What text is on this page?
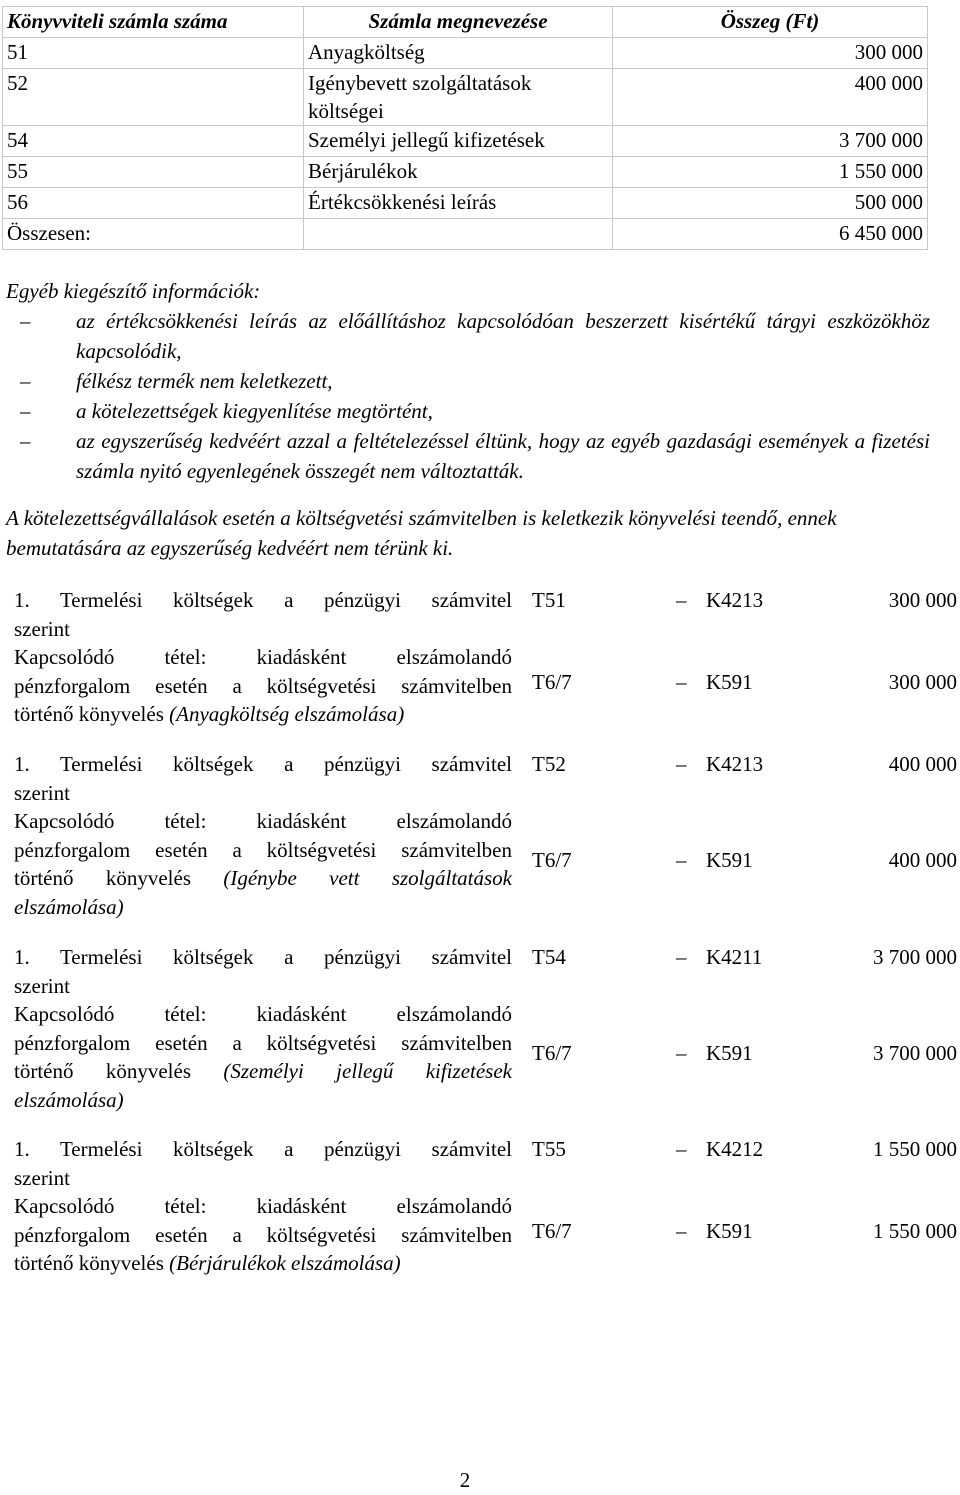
Könyvviteli számla száma	Számla megnevezése	Összeg (Ft)
51	Anyagköltség	300 000
52	Igénybevett szolgáltatások költségei	400 000
54	Személyi jellegű kifizetések	3 700 000
55	Bérjárulékok	1 550 000
56	Értékcsökkenési leírás	500 000
Összesen:		6 450 000
Egyéb kiegészítő információk:
– az értékcsökkenési leírás az előállításhoz kapcsolódóan beszerzett kisértékű tárgyi eszközökhöz kapcsolódik,
– félkész termék nem keletkezett,
– a kötelezettségek kiegyenlítése megtörtént,
– az egyszerűség kedvéért azzal a feltételezéssel éltünk, hogy az egyéb gazdasági események a fizetési számla nyitó egyenlegének összegét nem változtatták.
A kötelezettségvállalások esetén a költségvetési számvitelben is keletkezik könyvelési teendő, ennek bemutatására az egyszerűség kedvéért nem térünk ki.
1. Termelési költségek a pénzügyi számvitel
szerint
Kapcsolódó tétel: kiadásként elszámolandó
pénzforgalom esetén a költségvetési számvitelben
történő könyvelés (Anyagköltség elszámolása)
T51	– K4213	300 000
T6/7	– K591	300 000
1. Termelési költségek a pénzügyi számvitel
szerint
Kapcsolódó tétel: kiadásként elszámolandó
pénzforgalom esetén a költségvetési számvitelben
történő könyvelés (Igénybe vett szolgáltatások
elszámolása)
T52	– K4213	400 000
T6/7	– K591	400 000
1. Termelési költségek a pénzügyi számvitel
szerint
Kapcsolódó tétel: kiadásként elszámolandó
pénzforgalom esetén a költségvetési számvitelben
történő könyvelés (Személyi jellegű kifizetések
elszámolása)
T54	– K4211	3 700 000
T6/7	– K591	3 700 000
1. Termelési költségek a pénzügyi számvitel
szerint
Kapcsolódó tétel: kiadásként elszámolandó
pénzforgalom esetén a költségvetési számvitelben
történő könyvelés (Bérjárulékok elszámolása)
T55	– K4212	1 550 000
T6/7	– K591	1 550 000
2
